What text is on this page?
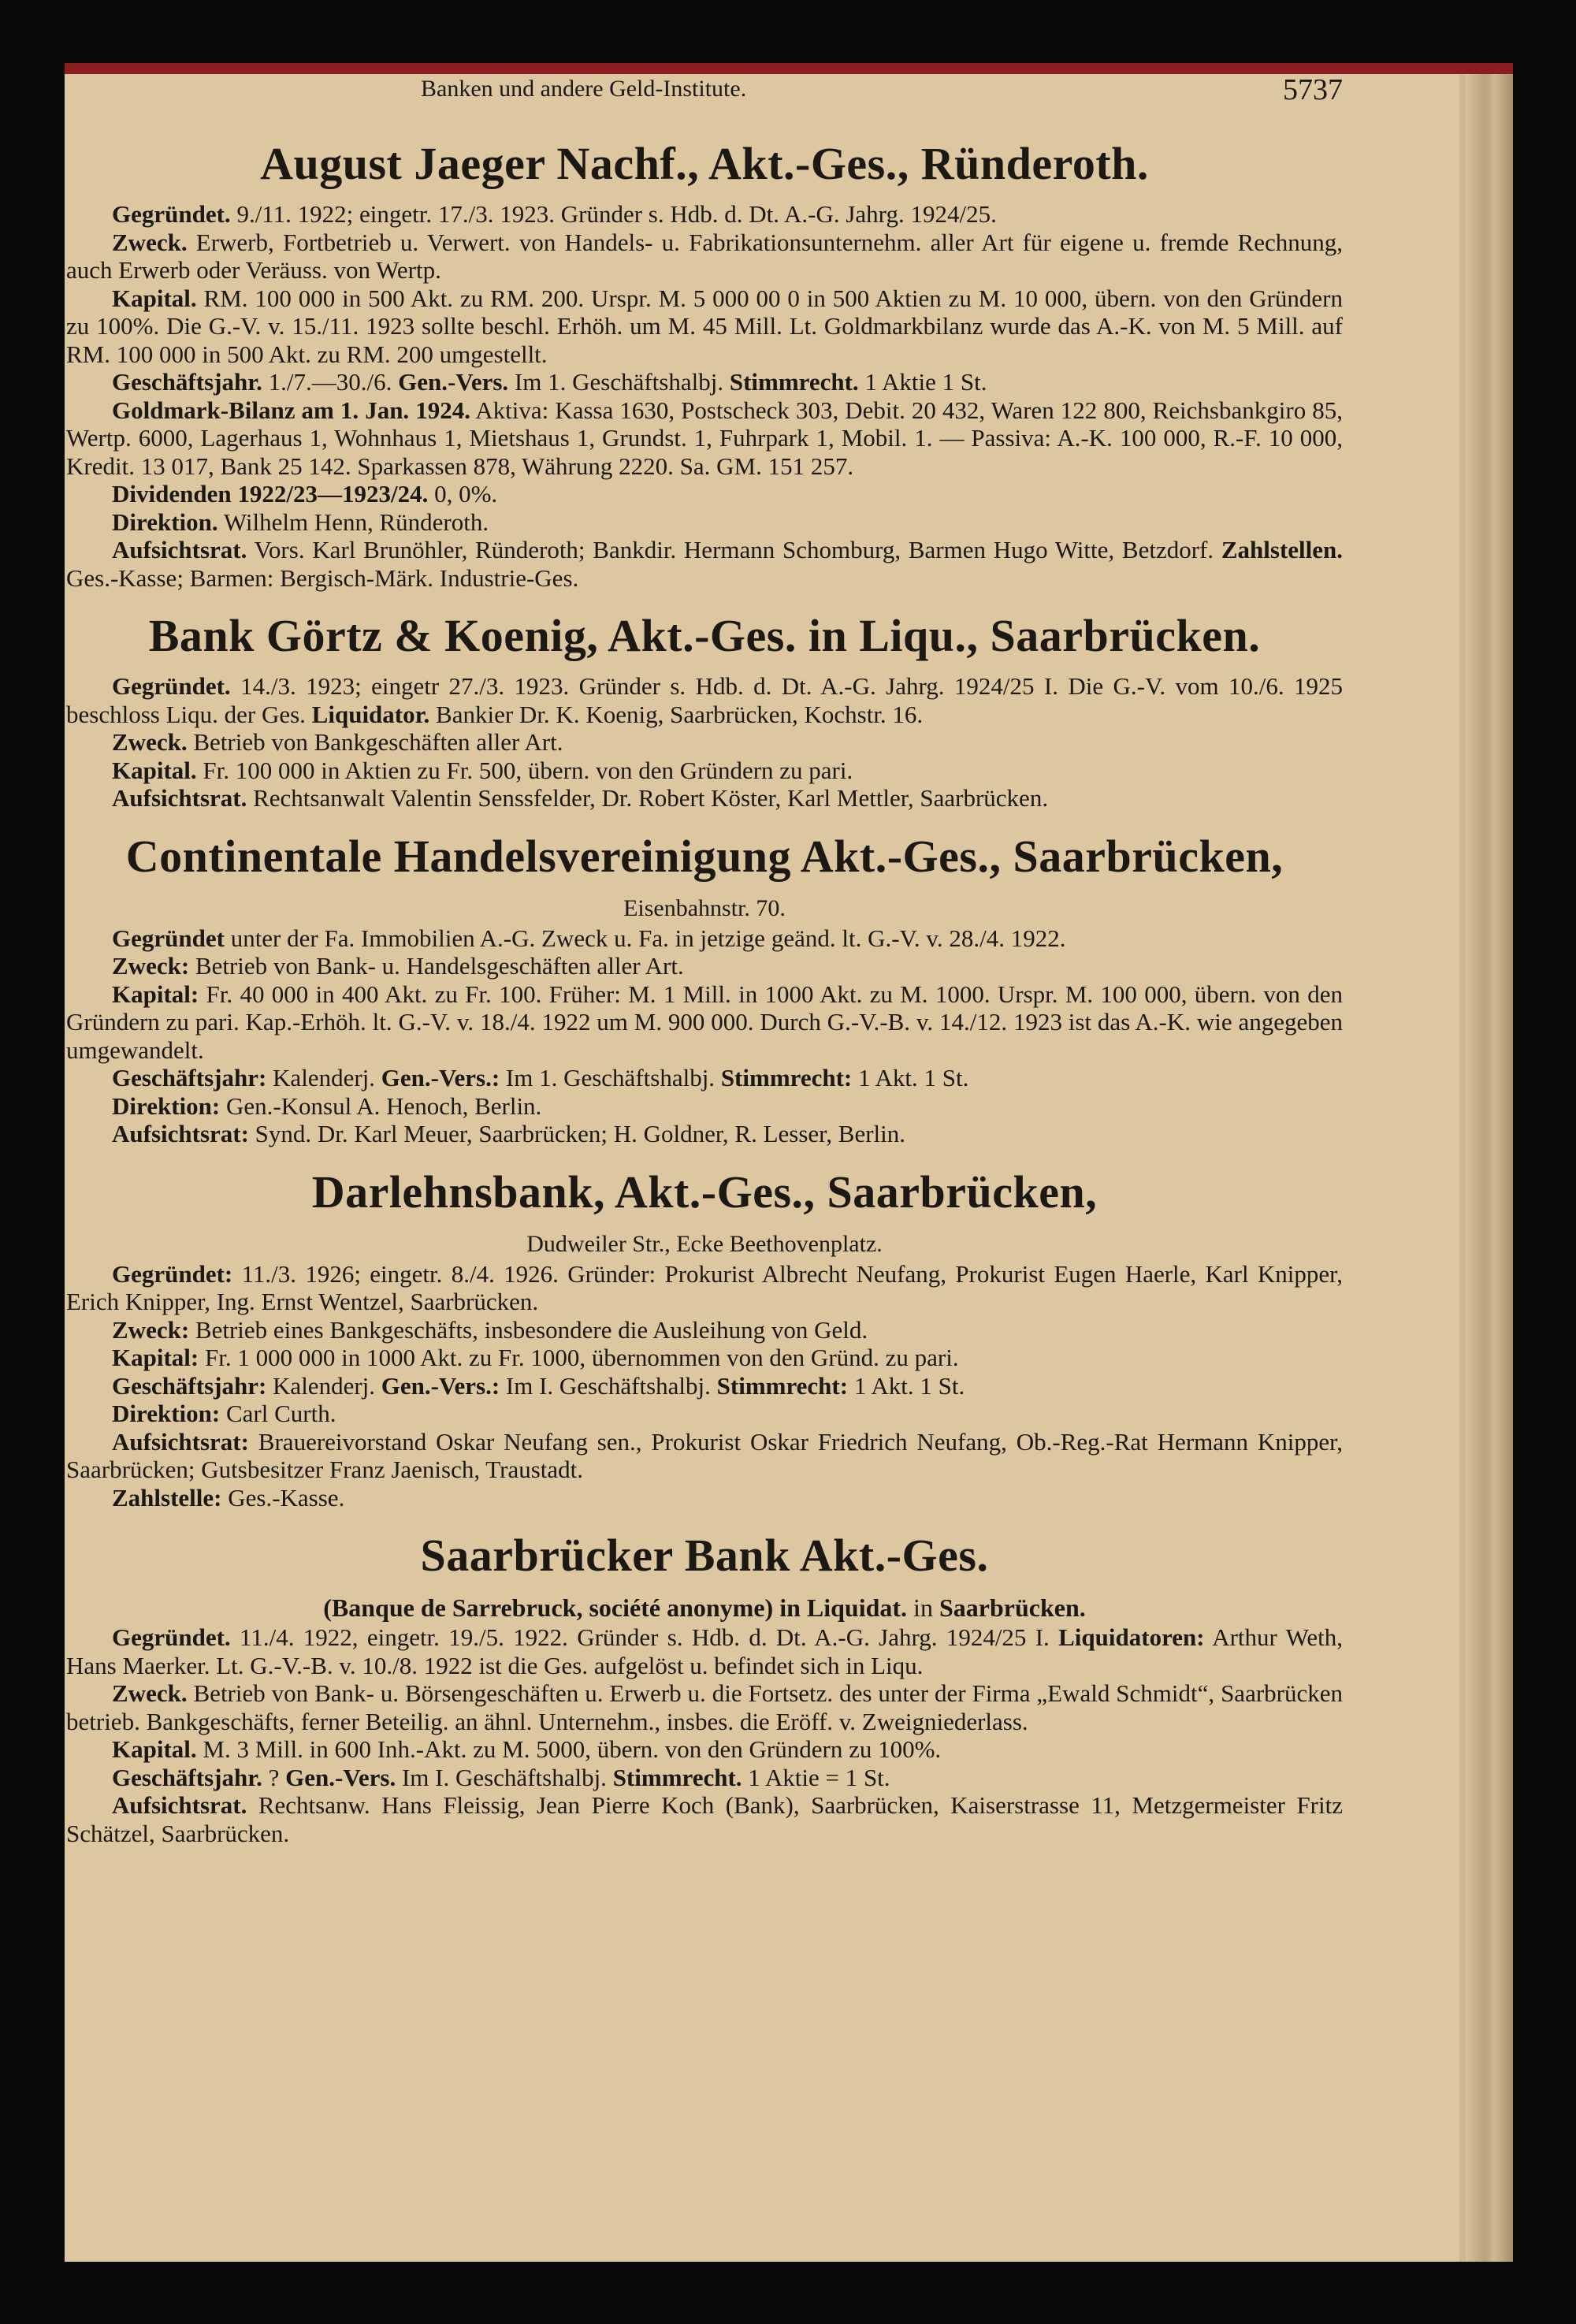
Banken und andere Geld-Institute.	5737
August Jaeger Nachf., Akt.-Ges., Ründeroth.

Gegründet. 9./11. 1922; eingetr. 17./3. 1923. Gründer s. Hdb. d. Dt. A.-G. Jahrg. 1924/25.

Zweck. Erwerb, Fortbetrieb u. Verwert. von Handels- u. Fabrikationsunternehm. aller Art für eigene u. fremde Rechnung, auch Erwerb oder Veräuss. von Wertp.

Kapital. RM. 100 000 in 500 Akt. zu RM. 200. Urspr. M. 5 000 00 0 in 500 Aktien zu M. 10 000, übern. von den Gründern zu 100%. Die G.-V. v. 15./11. 1923 sollte beschl. Erhöh. um M. 45 Mill. Lt. Goldmarkbilanz wurde das A.-K. von M. 5 Mill. auf RM. 100 000 in 500 Akt. zu RM. 200 umgestellt.

Geschäftsjahr. 1./7.—30./6. Gen.-Vers. Im 1. Geschäftshalbj. Stimmrecht. 1 Aktie 1 St.

Goldmark-Bilanz am 1. Jan. 1924. Aktiva: Kassa 1630, Postscheck 303, Debit. 20 432, Waren 122 800, Reichsbankgiro 85, Wertp. 6000, Lagerhaus 1, Wohnhaus 1, Mietshaus 1, Grundst. 1, Fuhrpark 1, Mobil. 1. — Passiva: A.-K. 100 000, R.-F. 10 000, Kredit. 13 017, Bank 25 142. Sparkassen 878, Währung 2220. Sa. GM. 151 257.

Dividenden 1922/23—1923/24. 0, 0%.

Direktion. Wilhelm Henn, Ründeroth.

Aufsichtsrat. Vors. Karl Brunöhler, Ründeroth; Bankdir. Hermann Schomburg, Barmen Hugo Witte, Betzdorf. Zahlstellen. Ges.-Kasse; Barmen: Bergisch-Märk. Industrie-Ges.

Bank Görtz & Koenig, Akt.-Ges. in Liqu., Saarbrücken.

Gegründet. 14./3. 1923; eingetr 27./3. 1923. Gründer s. Hdb. d. Dt. A.-G. Jahrg. 1924/25 I. Die G.-V. vom 10./6. 1925 beschloss Liqu. der Ges. Liquidator. Bankier Dr. K. Koenig, Saarbrücken, Kochstr. 16.

Zweck. Betrieb von Bankgeschäften aller Art.

Kapital. Fr. 100 000 in Aktien zu Fr. 500, übern. von den Gründern zu pari.

Aufsichtsrat. Rechtsanwalt Valentin Senssfelder, Dr. Robert Köster, Karl Mettler, Saarbrücken.

Continentale Handelsvereinigung Akt.-Ges., Saarbrücken,
Eisenbahnstr. 70.

Gegründet unter der Fa. Immobilien A.-G. Zweck u. Fa. in jetzige geänd. lt. G.-V. v. 28./4. 1922.

Zweck: Betrieb von Bank- u. Handelsgeschäften aller Art.

Kapital: Fr. 40 000 in 400 Akt. zu Fr. 100. Früher: M. 1 Mill. in 1000 Akt. zu M. 1000. Urspr. M. 100 000, übern. von den Gründern zu pari. Kap.-Erhöh. lt. G.-V. v. 18./4. 1922 um M. 900 000. Durch G.-V.-B. v. 14./12. 1923 ist das A.-K. wie angegeben umgewandelt.

Geschäftsjahr: Kalenderj. Gen.-Vers.: Im 1. Geschäftshalbj. Stimmrecht: 1 Akt. 1 St.

Direktion: Gen.-Konsul A. Henoch, Berlin.

Aufsichtsrat: Synd. Dr. Karl Meuer, Saarbrücken; H. Goldner, R. Lesser, Berlin.

Darlehnsbank, Akt.-Ges., Saarbrücken,
Dudweiler Str., Ecke Beethovenplatz.

Gegründet: 11./3. 1926; eingetr. 8./4. 1926. Gründer: Prokurist Albrecht Neufang, Prokurist Eugen Haerle, Karl Knipper, Erich Knipper, Ing. Ernst Wentzel, Saarbrücken.

Zweck: Betrieb eines Bankgeschäfts, insbesondere die Ausleihung von Geld.

Kapital: Fr. 1 000 000 in 1000 Akt. zu Fr. 1000, übernommen von den Gründ. zu pari.

Geschäftsjahr: Kalenderj. Gen.-Vers.: Im I. Geschäftshalbj. Stimmrecht: 1 Akt. 1 St.

Direktion: Carl Curth.

Aufsichtsrat: Brauereivorstand Oskar Neufang sen., Prokurist Oskar Friedrich Neufang, Ob.-Reg.-Rat Hermann Knipper, Saarbrücken; Gutsbesitzer Franz Jaenisch, Traustadt.

Zahlstelle: Ges.-Kasse.

Saarbrücker Bank Akt.-Ges.
(Banque de Sarrebruck, société anonyme) in Liquidat. in Saarbrücken.

Gegründet. 11./4. 1922, eingetr. 19./5. 1922. Gründer s. Hdb. d. Dt. A.-G. Jahrg. 1924/25 I. Liquidatoren: Arthur Weth, Hans Maerker. Lt. G.-V.-B. v. 10./8. 1922 ist die Ges. aufgelöst u. befindet sich in Liqu.

Zweck. Betrieb von Bank- u. Börsengeschäften u. Erwerb u. die Fortsetz. des unter der Firma „Ewald Schmidt“, Saarbrücken betrieb. Bankgeschäfts, ferner Beteilig. an ähnl. Unternehm., insbes. die Eröff. v. Zweigniederlass.

Kapital. M. 3 Mill. in 600 Inh.-Akt. zu M. 5000, übern. von den Gründern zu 100%.

Geschäftsjahr. ? Gen.-Vers. Im I. Geschäftshalbj. Stimmrecht. 1 Aktie = 1 St.

Aufsichtsrat. Rechtsanw. Hans Fleissig, Jean Pierre Koch (Bank), Saarbrücken, Kaiserstrasse 11, Metzgermeister Fritz Schätzel, Saarbrücken.
